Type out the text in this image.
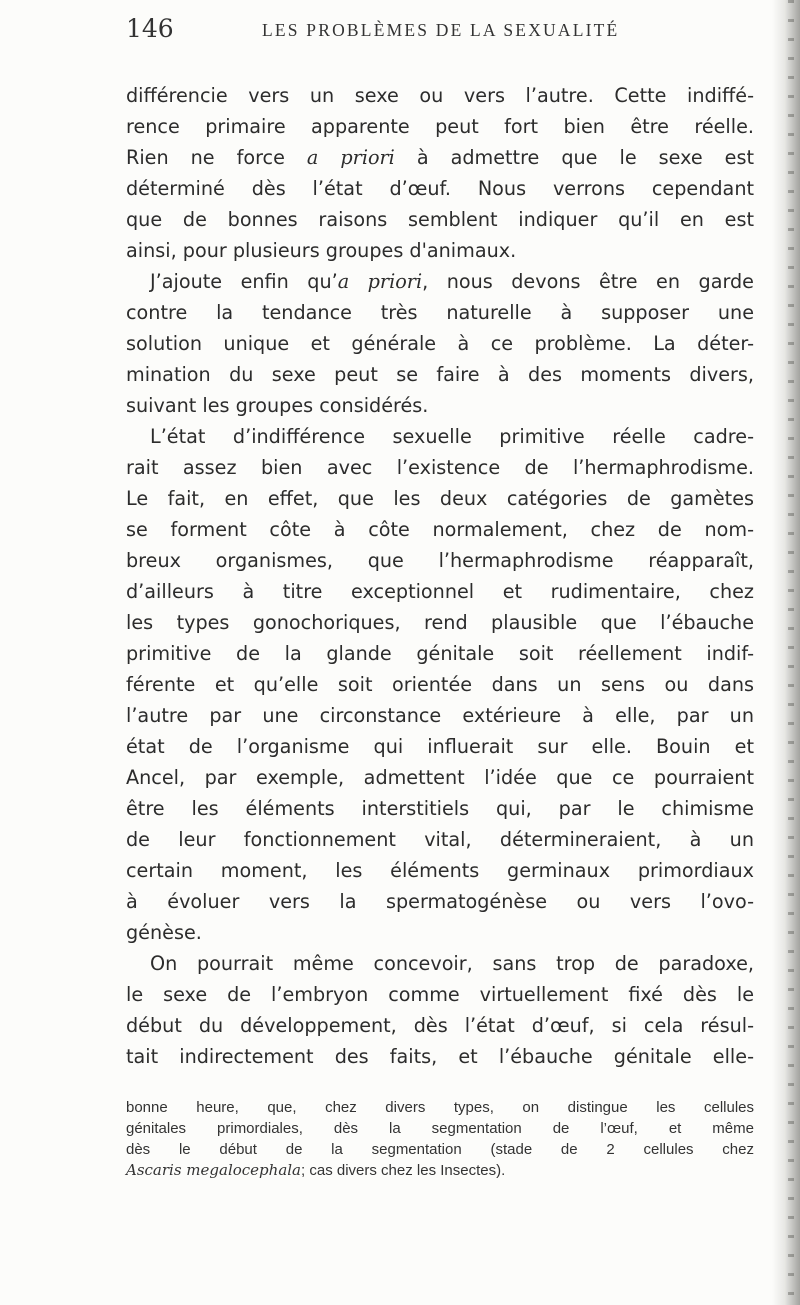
146	LES PROBLÈMES DE LA SEXUALITÉ
différencie vers un sexe ou vers l’autre. Cette indiffé-
rence primaire apparente peut fort bien être réelle.
Rien ne force a priori à admettre que le sexe est
déterminé dès l’état d’œuf. Nous verrons cependant
que de bonnes raisons semblent indiquer qu’il en est
ainsi, pour plusieurs groupes d'animaux.
J’ajoute enfin qu’a priori, nous devons être en garde
contre la tendance très naturelle à supposer une
solution unique et générale à ce problème. La déter-
mination du sexe peut se faire à des moments divers,
suivant les groupes considérés.
L’état d’indifférence sexuelle primitive réelle cadre-
rait assez bien avec l’existence de l’hermaphrodisme.
Le fait, en effet, que les deux catégories de gamètes
se forment côte à côte normalement, chez de nom-
breux organismes, que l’hermaphrodisme réapparaît,
d’ailleurs à titre exceptionnel et rudimentaire, chez
les types gonochoriques, rend plausible que l’ébauche
primitive de la glande génitale soit réellement indif-
férente et qu’elle soit orientée dans un sens ou dans
l’autre par une circonstance extérieure à elle, par un
état de l’organisme qui influerait sur elle. Bouin et
Ancel, par exemple, admettent l’idée que ce pourraient
être les éléments interstitiels qui, par le chimisme
de leur fonctionnement vital, détermineraient, à un
certain moment, les éléments germinaux primordiaux
à évoluer vers la spermatogénèse ou vers l’ovo-
génèse.
On pourrait même concevoir, sans trop de paradoxe,
le sexe de l’embryon comme virtuellement fixé dès le
début du développement, dès l’état d’œuf, si cela résul-
tait indirectement des faits, et l’ébauche génitale elle-
bonne heure, que, chez divers types, on distingue les cellules
génitales primordiales, dès la segmentation de l’œuf, et même
dès le début de la segmentation (stade de 2 cellules chez
Ascaris megalocephala; cas divers chez les Insectes).
